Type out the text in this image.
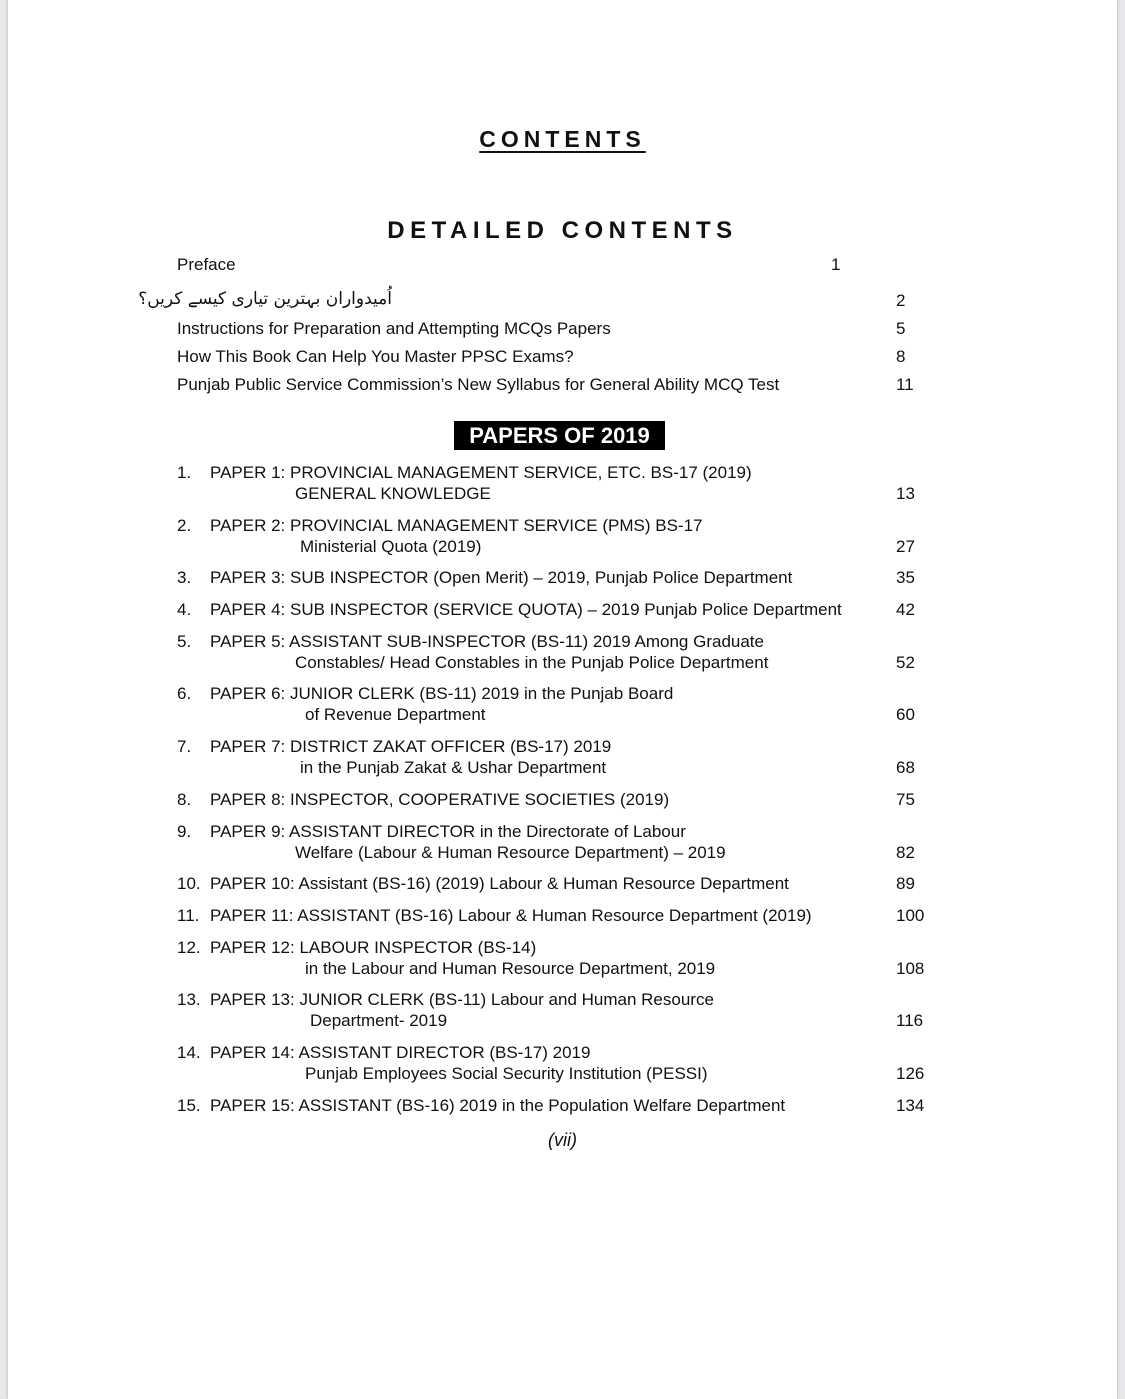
CONTENTS
DETAILED CONTENTS
Preface	1
اُمیدواران بہترین تیاری کیسے کریں؟	2
Instructions for Preparation and Attempting MCQs Papers	5
How This Book Can Help You Master PPSC Exams?	8
Punjab Public Service Commission’s New Syllabus for General Ability MCQ Test	11
PAPERS OF 2019
1. PAPER 1: PROVINCIAL MANAGEMENT SERVICE, ETC. BS-17 (2019)
GENERAL KNOWLEDGE	13
2. PAPER 2: PROVINCIAL MANAGEMENT SERVICE (PMS) BS-17
Ministerial Quota (2019)	27
3. PAPER 3: SUB INSPECTOR (Open Merit) – 2019, Punjab Police Department	35
4. PAPER 4: SUB INSPECTOR (SERVICE QUOTA) – 2019 Punjab Police Department	42
5. PAPER 5: ASSISTANT SUB-INSPECTOR (BS-11) 2019 Among Graduate
Constables/ Head Constables in the Punjab Police Department	52
6. PAPER 6: JUNIOR CLERK (BS-11) 2019 in the Punjab Board
of Revenue Department	60
7. PAPER 7: DISTRICT ZAKAT OFFICER (BS-17) 2019
in the Punjab Zakat & Ushar Department	68
8. PAPER 8: INSPECTOR, COOPERATIVE SOCIETIES (2019)	75
9. PAPER 9: ASSISTANT DIRECTOR in the Directorate of Labour
Welfare (Labour & Human Resource Department) – 2019	82
10. PAPER 10: Assistant (BS-16) (2019) Labour & Human Resource Department	89
11. PAPER 11: ASSISTANT (BS-16) Labour & Human Resource Department (2019)	100
12. PAPER 12: LABOUR INSPECTOR (BS-14)
in the Labour and Human Resource Department, 2019	108
13. PAPER 13: JUNIOR CLERK (BS-11) Labour and Human Resource
Department- 2019	116
14. PAPER 14: ASSISTANT DIRECTOR (BS-17) 2019
Punjab Employees Social Security Institution (PESSI)	126
15. PAPER 15: ASSISTANT (BS-16) 2019 in the Population Welfare Department	134
(vii)
